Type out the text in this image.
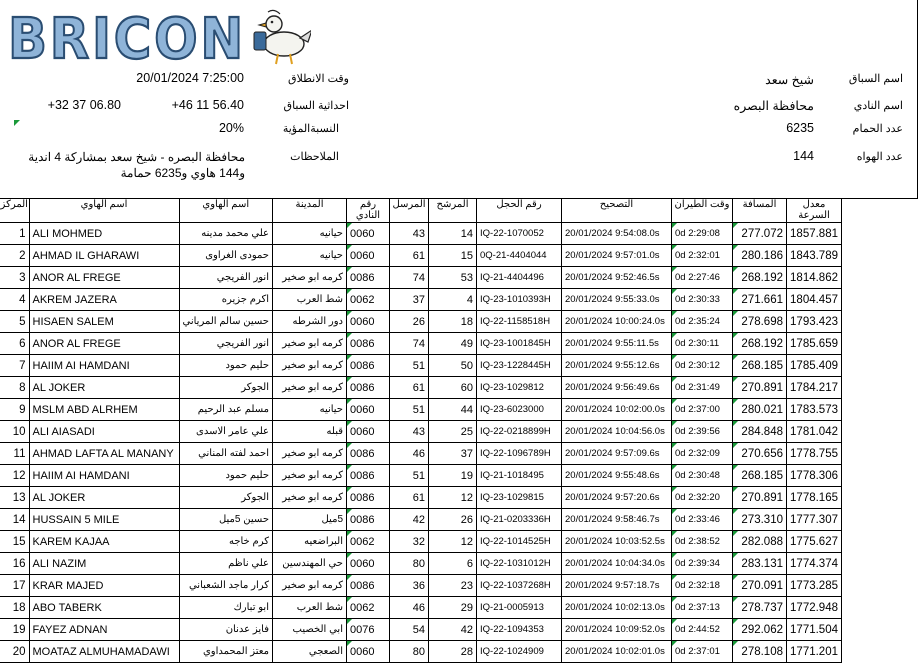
BRICON
اسم السباق
شيخ سعد
وقت الانطلاق
20/01/2024 7:25:00
اسم النادي
محافظة البصره
احداثية السباق
+46 11 56.40
+32 37 06.80
عدد الحمام
6235
النسبةالمؤية
20%
عدد الهواه
144
الملاحظات
محافظة البصره - شيخ سعد بمشاركة 4 اندية و144 هاوي و6235 حمامة
المركز	اسم الهاوي	اسم الهاوي	المدينة	رقم النادي	المرسل	المرشح	رقم الحجل	التصحيح	وقت الطيران	المسافة	معدل السرعة
1	ALI MOHMED	علي محمد مدينه	حيانيه	0060	43	14	IQ-22-1070052	20/01/2024 9:54:08.0s	0d 2:29:08	277.072	1857.881
2	AHMAD IL GHARAWI	حمودى الغراوى	حيانيه	0060	61	15	0Q-21-4404044	20/01/2024 9:57:01.0s	0d 2:32:01	280.186	1843.789
3	ANOR AL FREGE	انور الفريجي	كرمه ابو صخير	0086	74	53	IQ-21-4404496	20/01/2024 9:52:46.5s	0d 2:27:46	268.192	1814.862
4	AKREM JAZERA	اكرم جزيره	شط العرب	0062	37	4	IQ-23-1010393H	20/01/2024 9:55:33.0s	0d 2:30:33	271.661	1804.457
5	HISAEN SALEM	حسين سالم المرياني	دور الشرطه	0060	26	18	IQ-22-1158518H	20/01/2024 10:00:24.0s	0d 2:35:24	278.698	1793.423
6	ANOR AL FREGE	انور الفريجي	كرمه ابو صخير	0086	74	49	IQ-23-1001845H	20/01/2024 9:55:11.5s	0d 2:30:11	268.192	1785.659
7	HAIIM AI HAMDANI	حليم حمود	كرمه ابو صخير	0086	51	50	IQ-23-1228445H	20/01/2024 9:55:12.6s	0d 2:30:12	268.185	1785.409
8	AL JOKER	الجوكر	كرمه ابو صخير	0086	61	60	IQ-23-1029812	20/01/2024 9:56:49.6s	0d 2:31:49	270.891	1784.217
9	MSLM ABD ALRHEM	مسلم عبد الرحيم	حيانيه	0060	51	44	IQ-23-6023000	20/01/2024 10:02:00.0s	0d 2:37:00	280.021	1783.573
10	ALI AIASADI	علي عامر الاسدى	قبله	0060	43	25	IQ-22-0218899H	20/01/2024 10:04:56.0s	0d 2:39:56	284.848	1781.042
11	AHMAD LAFTA AL MANANY	احمد لفته المناني	كرمه ابو صخير	0086	46	37	IQ-22-1096789H	20/01/2024 9:57:09.6s	0d 2:32:09	270.656	1778.755
12	HAIIM AI HAMDANI	حليم حمود	كرمه ابو صخير	0086	51	19	IQ-21-1018495	20/01/2024 9:55:48.6s	0d 2:30:48	268.185	1778.306
13	AL JOKER	الجوكر	كرمه ابو صخير	0086	61	12	IQ-23-1029815	20/01/2024 9:57:20.6s	0d 2:32:20	270.891	1778.165
14	HUSSAIN 5 MILE	حسين 5ميل	5ميل	0086	42	26	IQ-21-0203336H	20/01/2024 9:58:46.7s	0d 2:33:46	273.310	1777.307
15	KAREM KAJAA	كرم خاجه	البراضعيه	0062	32	12	IQ-22-1014525H	20/01/2024 10:03:52.5s	0d 2:38:52	282.088	1775.627
16	ALI NAZIM	علي ناظم	حي المهندسين	0060	80	6	IQ-22-1031012H	20/01/2024 10:04:34.0s	0d 2:39:34	283.131	1774.374
17	KRAR MAJED	كرار ماجد الشعباني	كرمه ابو صخير	0086	36	23	IQ-22-1037268H	20/01/2024 9:57:18.7s	0d 2:32:18	270.091	1773.285
18	ABO TABERK	ابو تبارك	شط العرب	0062	46	29	IQ-21-0005913	20/01/2024 10:02:13.0s	0d 2:37:13	278.737	1772.948
19	FAYEZ ADNAN	فايز عدنان	ابي الخصيب	0076	54	42	IQ-22-1094353	20/01/2024 10:09:52.0s	0d 2:44:52	292.062	1771.504
20	MOATAZ ALMUHAMADAWI	معتز المحمداوي	الصعجي	0060	80	28	IQ-22-1024909	20/01/2024 10:02:01.0s	0d 2:37:01	278.108	1771.201
